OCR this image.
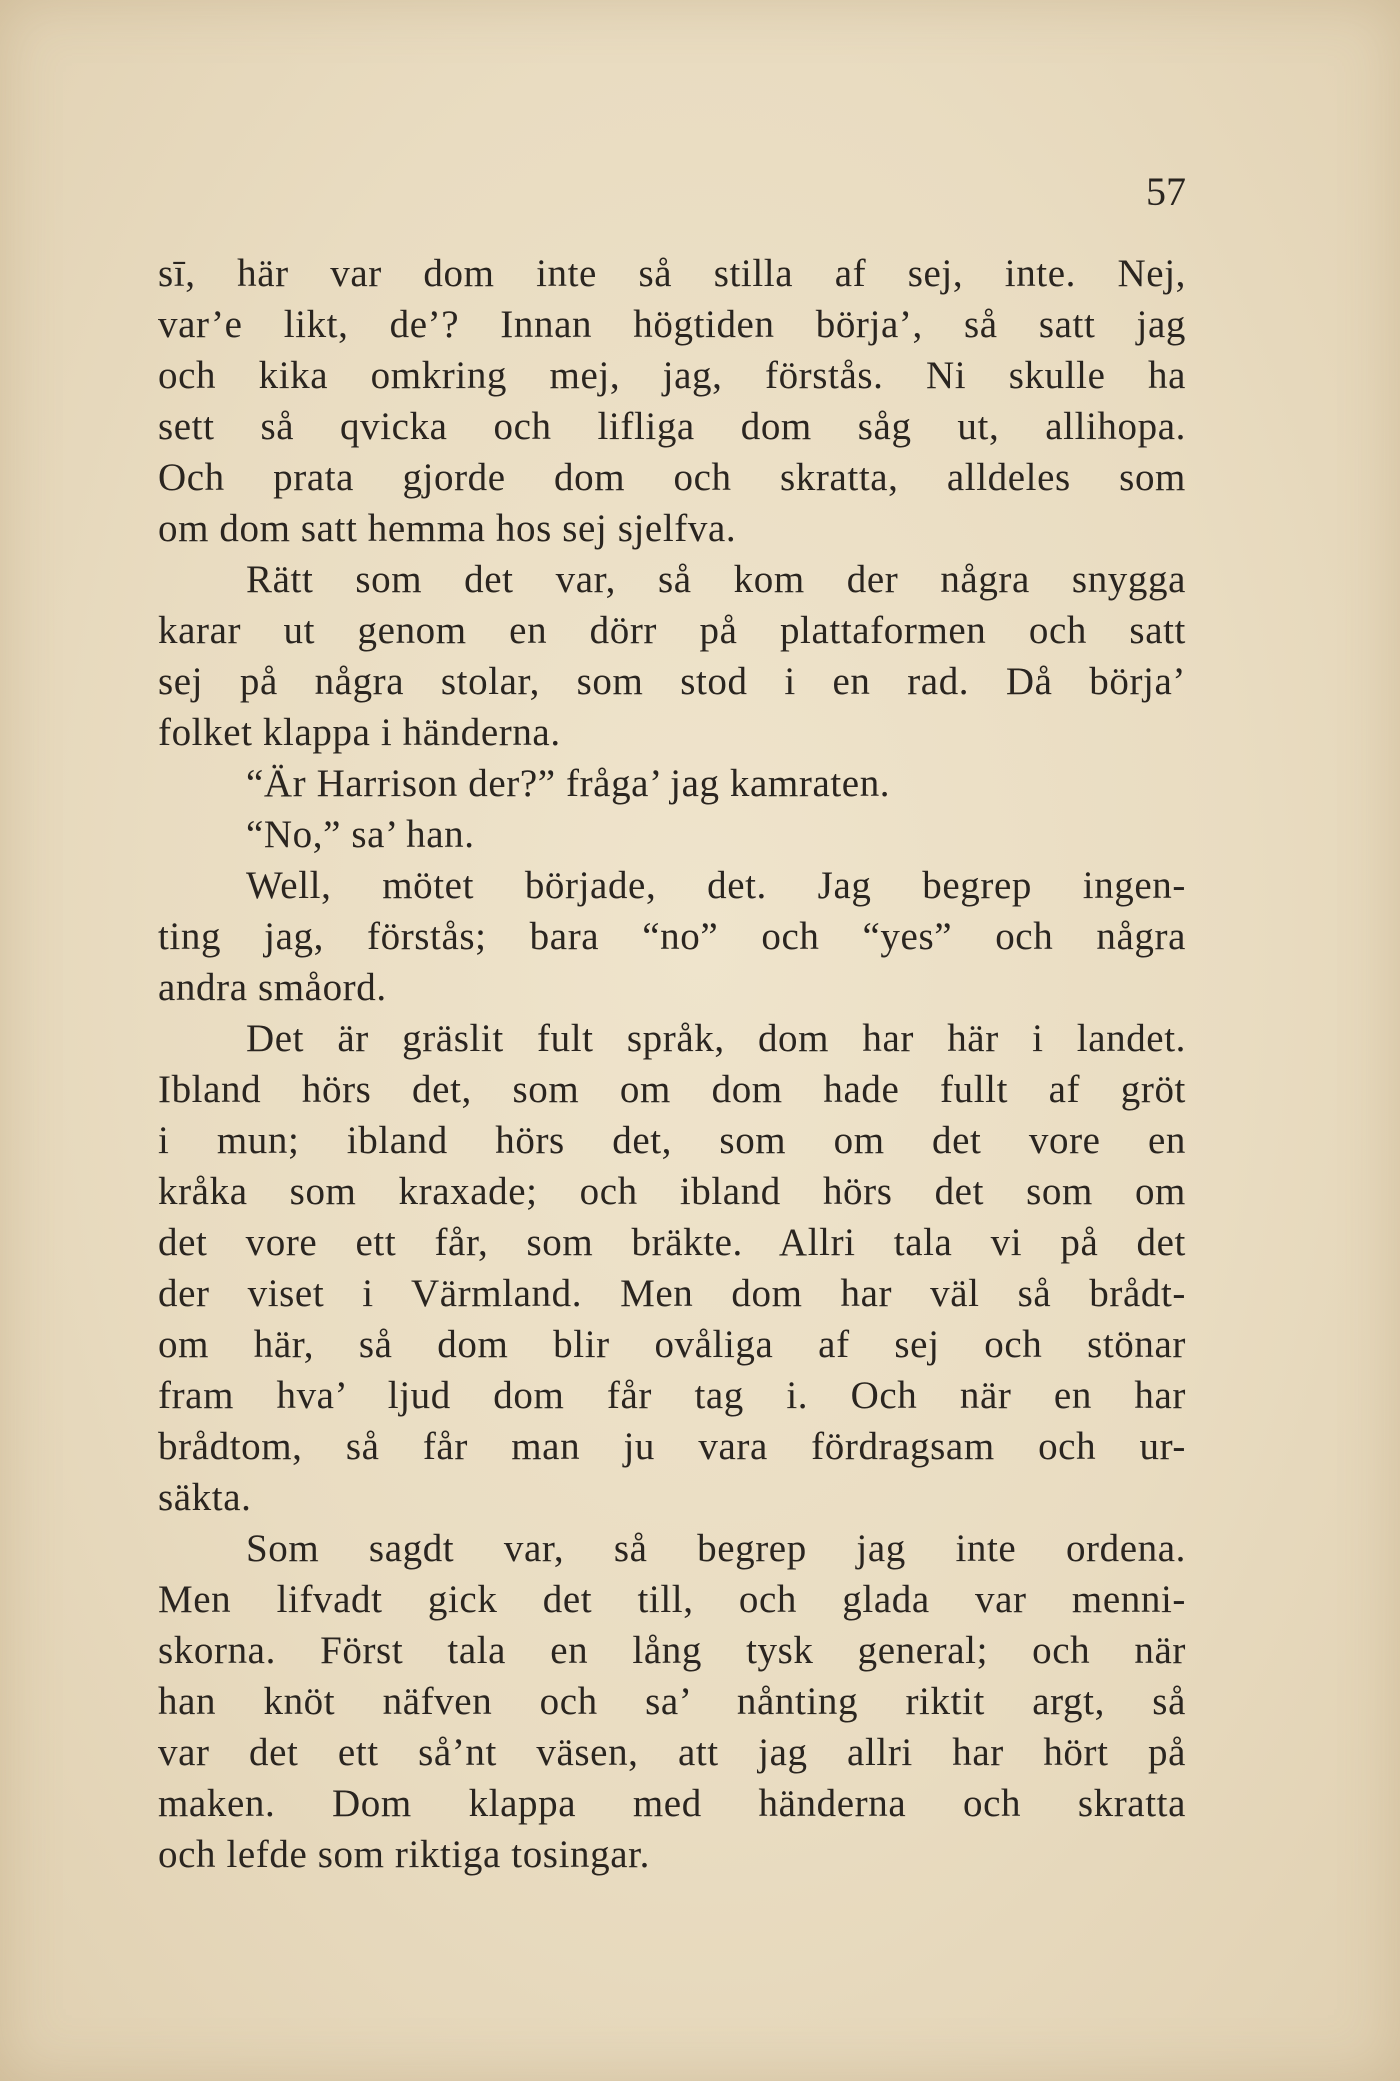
57
sī, här var dom inte så stilla af sej, inte. Nej,
var’e likt, de’? Innan högtiden börja’, så satt jag
och kika omkring mej, jag, förstås. Ni skulle ha
sett så qvicka och lifliga dom såg ut, allihopa.
Och prata gjorde dom och skratta, alldeles som
om dom satt hemma hos sej sjelfva.
Rätt som det var, så kom der några snygga
karar ut genom en dörr på plattaformen och satt
sej på några stolar, som stod i en rad. Då börja’
folket klappa i händerna.
“Är Harrison der?” fråga’ jag kamraten.
“No,” sa’ han.
Well, mötet började, det. Jag begrep ingen-
ting jag, förstås; bara “no” och “yes” och några
andra småord.
Det är gräslit fult språk, dom har här i landet.
Ibland hörs det, som om dom hade fullt af gröt
i mun; ibland hörs det, som om det vore en
kråka som kraxade; och ibland hörs det som om
det vore ett får, som bräkte. Allri tala vi på det
der viset i Värmland. Men dom har väl så brådt-
om här, så dom blir ovåliga af sej och stönar
fram hva’ ljud dom får tag i. Och när en har
brådtom, så får man ju vara fördragsam och ur-
säkta.
Som sagdt var, så begrep jag inte ordena.
Men lifvadt gick det till, och glada var menni-
skorna. Först tala en lång tysk general; och när
han knöt näfven och sa’ nånting riktit argt, så
var det ett så’nt väsen, att jag allri har hört på
maken. Dom klappa med händerna och skratta
och lefde som riktiga tosingar.
